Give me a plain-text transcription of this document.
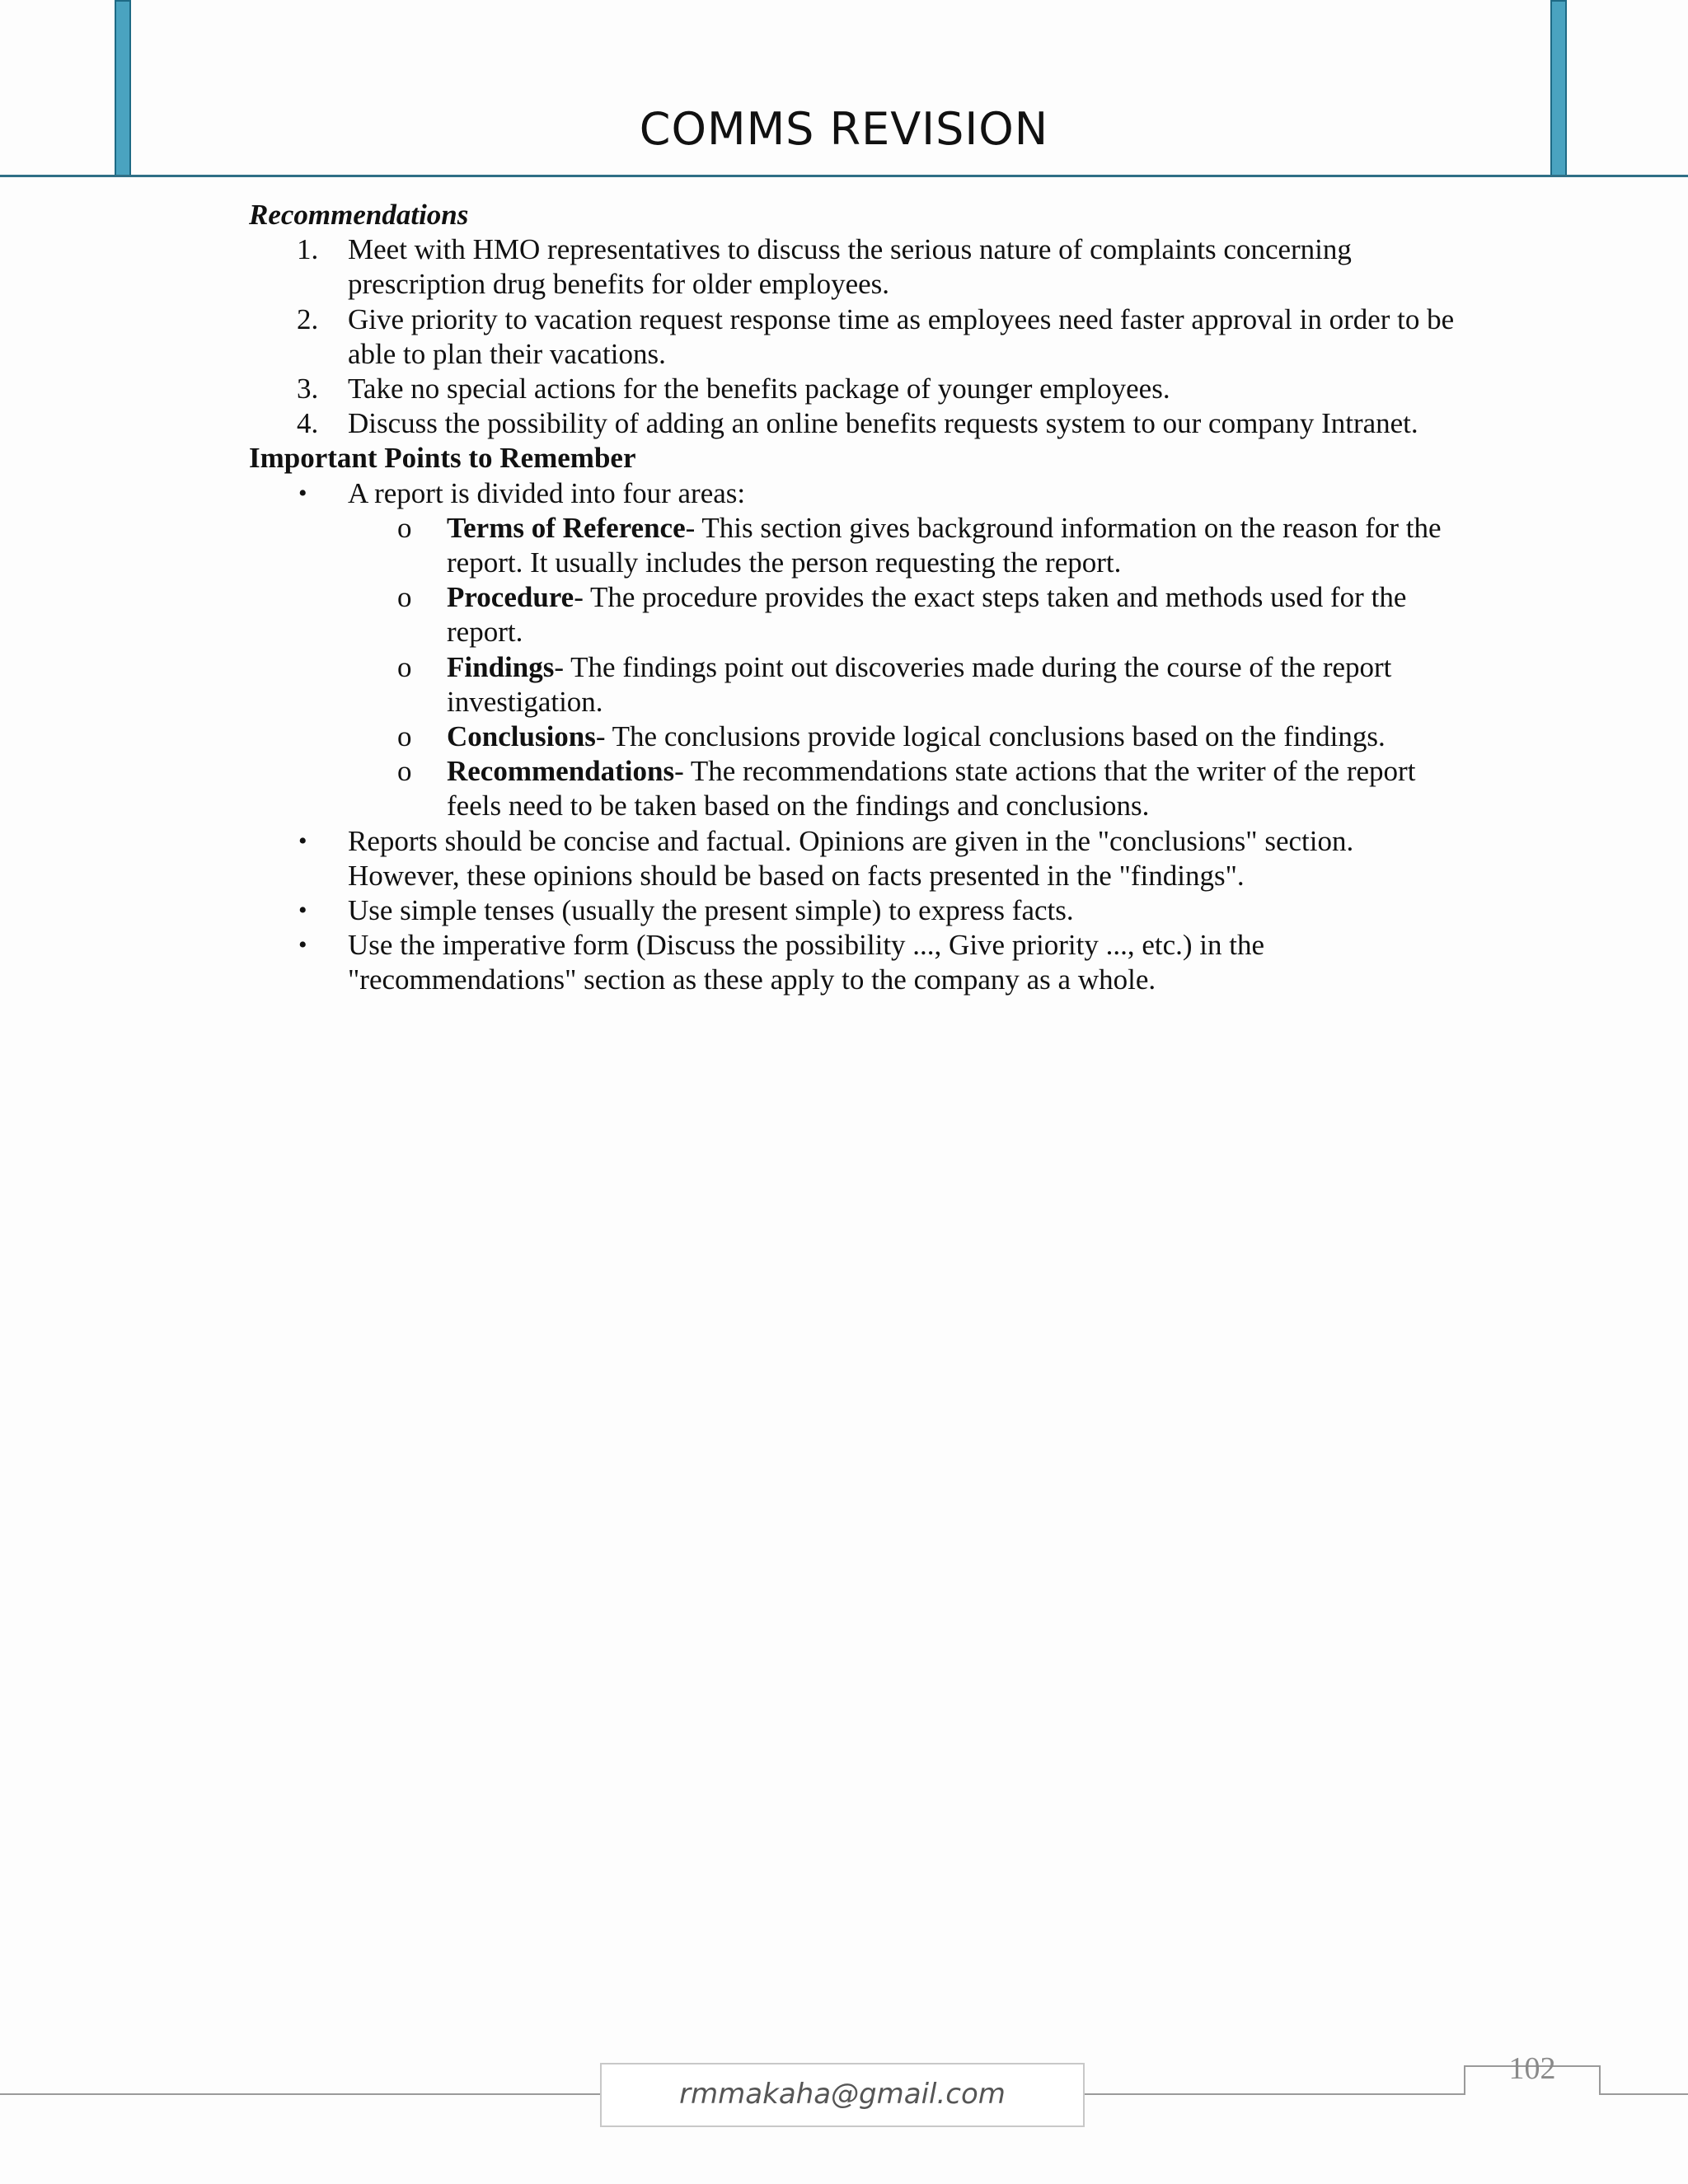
COMMS REVISION
Recommendations
1. Meet with HMO representatives to discuss the serious nature of complaints concerning prescription drug benefits for older employees.
2. Give priority to vacation request response time as employees need faster approval in order to be able to plan their vacations.
3. Take no special actions for the benefits package of younger employees.
4. Discuss the possibility of adding an online benefits requests system to our company Intranet.
Important Points to Remember
• A report is divided into four areas:
o Terms of Reference- This section gives background information on the reason for the report. It usually includes the person requesting the report.
o Procedure- The procedure provides the exact steps taken and methods used for the report.
o Findings- The findings point out discoveries made during the course of the report investigation.
o Conclusions- The conclusions provide logical conclusions based on the findings.
o Recommendations- The recommendations state actions that the writer of the report feels need to be taken based on the findings and conclusions.
• Reports should be concise and factual. Opinions are given in the "conclusions" section. However, these opinions should be based on facts presented in the "findings".
• Use simple tenses (usually the present simple) to express facts.
• Use the imperative form (Discuss the possibility ..., Give priority ..., etc.) in the "recommendations" section as these apply to the company as a whole.
rmmakaha@gmail.com
102
